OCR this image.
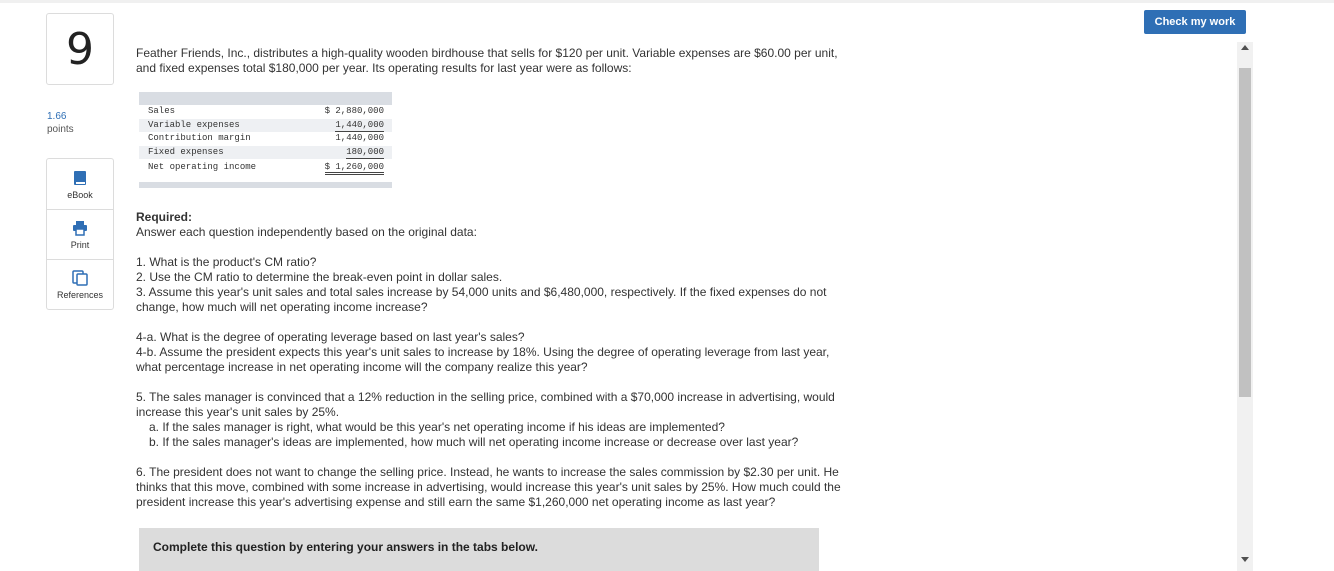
Check my work
9
1.66
points
eBook
Print
References
Feather Friends, Inc., distributes a high-quality wooden birdhouse that sells for $120 per unit. Variable expenses are $60.00 per unit,
and fixed expenses total $180,000 per year. Its operating results for last year were as follows:
Required:
Answer each question independently based on the original data:
1. What is the product's CM ratio?
2. Use the CM ratio to determine the break-even point in dollar sales.
3. Assume this year's unit sales and total sales increase by 54,000 units and $6,480,000, respectively. If the fixed expenses do not
change, how much will net operating income increase?
4-a. What is the degree of operating leverage based on last year's sales?
4-b. Assume the president expects this year's unit sales to increase by 18%. Using the degree of operating leverage from last year,
what percentage increase in net operating income will the company realize this year?
5. The sales manager is convinced that a 12% reduction in the selling price, combined with a $70,000 increase in advertising, would
increase this year's unit sales by 25%.
a. If the sales manager is right, what would be this year's net operating income if his ideas are implemented?
b. If the sales manager's ideas are implemented, how much will net operating income increase or decrease over last year?
6. The president does not want to change the selling price. Instead, he wants to increase the sales commission by $2.30 per unit. He
thinks that this move, combined with some increase in advertising, would increase this year's unit sales by 25%. How much could the
president increase this year's advertising expense and still earn the same $1,260,000 net operating income as last year?
Sales	$ 2,880,000
Variable expenses	1,440,000
Contribution margin	1,440,000
Fixed expenses	180,000
Net operating income	$ 1,260,000
Complete this question by entering your answers in the tabs below.
